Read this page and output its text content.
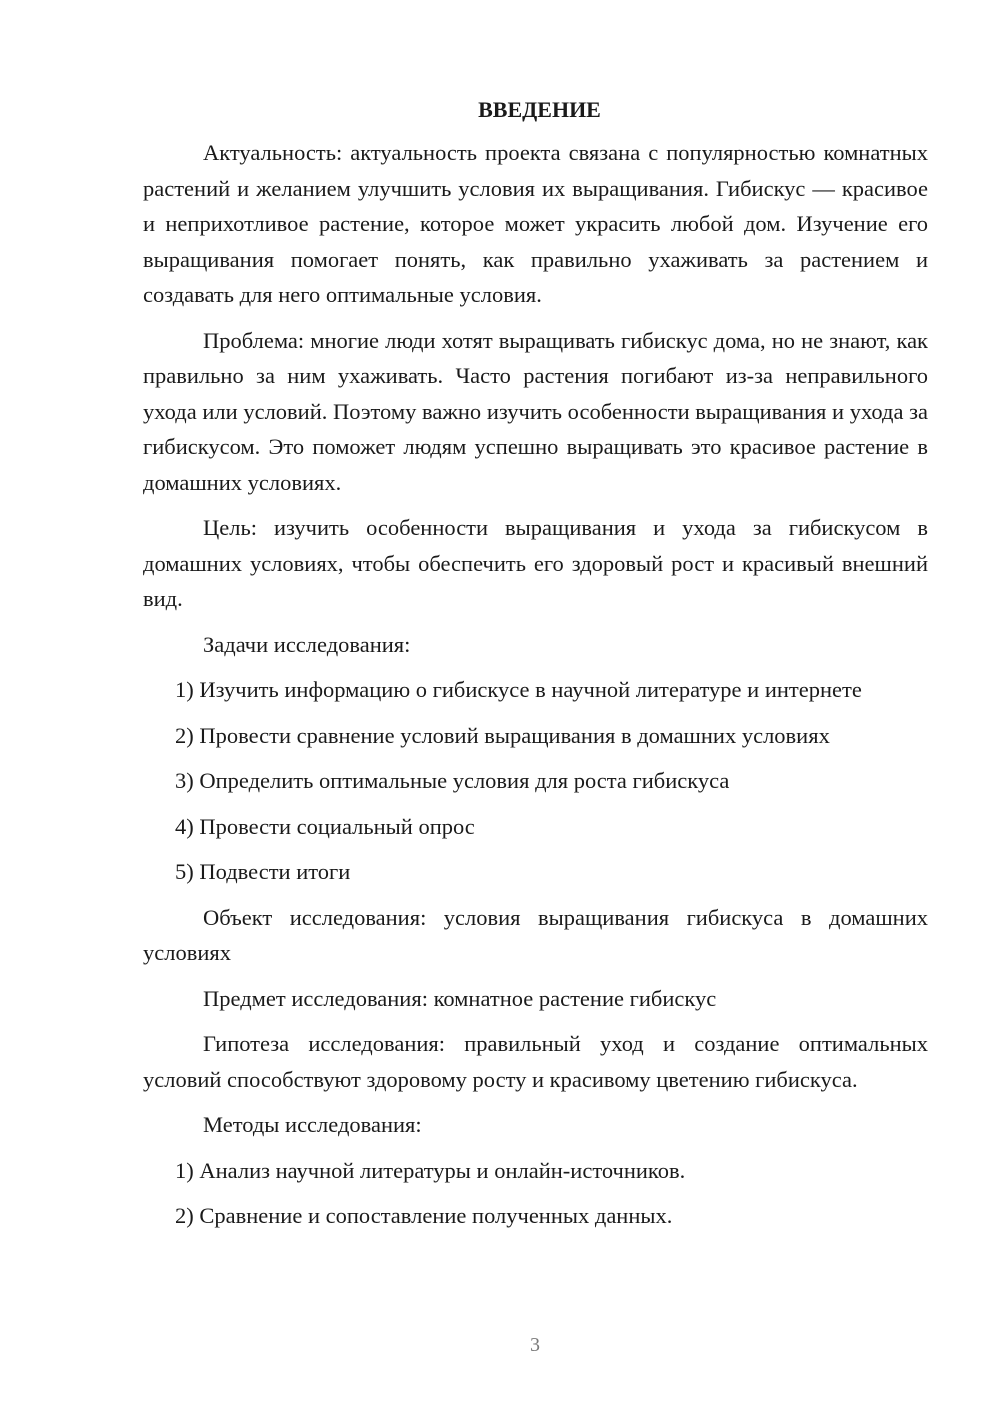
ВВЕДЕНИЕ

Актуальность: актуальность проекта связана с популярностью комнатных растений и желанием улучшить условия их выращивания. Гибискус — красивое и неприхотливое растение, которое может украсить любой дом. Изучение его выращивания помогает понять, как правильно ухаживать за растением и создавать для него оптимальные условия.

Проблема: многие люди хотят выращивать гибискус дома, но не знают, как правильно за ним ухаживать. Часто растения погибают из-за неправильного ухода или условий. Поэтому важно изучить особенности выращивания и ухода за гибискусом. Это поможет людям успешно выращивать это красивое растение в домашних условиях.

Цель: изучить особенности выращивания и ухода за гибискусом в домашних условиях, чтобы обеспечить его здоровый рост и красивый внешний вид.

Задачи исследования:

1) Изучить информацию о гибискусе в научной литературе и интернете

2) Провести сравнение условий выращивания в домашних условиях

3) Определить оптимальные условия для роста гибискуса

4) Провести социальный опрос

5) Подвести итоги

Объект исследования: условия выращивания гибискуса в домашних условиях

Предмет исследования: комнатное растение гибискус

Гипотеза исследования: правильный уход и создание оптимальных условий способствуют здоровому росту и красивому цветению гибискуса.

Методы исследования:

1) Анализ научной литературы и онлайн-источников.

2) Сравнение и сопоставление полученных данных.

3
